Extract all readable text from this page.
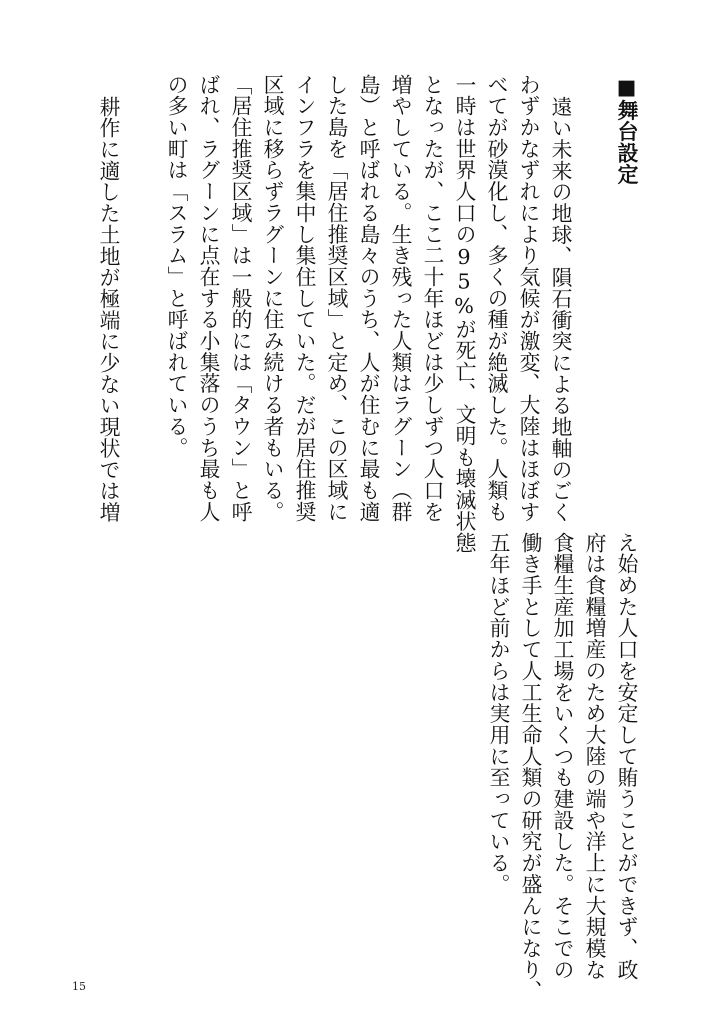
■舞台設定
遠い未来の地球、隕石衝突による地軸のごく
わずかなずれにより気候が激変、大陸はほぼす
べてが砂漠化し、多くの種が絶滅した。人類も
一時は世界人口の95%が死亡、文明も壊滅状態
となったが、ここ二十年ほどは少しずつ人口を
増やしている。生き残った人類はラグーン（群
島）と呼ばれる島々のうち、人が住むに最も適
した島を「居住推奨区域」と定め、この区域に
インフラを集中し集住していた。だが居住推奨
区域に移らずラグーンに住み続ける者もいる。
「居住推奨区域」は一般的には「タウン」と呼
ばれ、ラグーンに点在する小集落のうち最も人
の多い町は「スラム」と呼ばれている。
耕作に適した土地が極端に少ない現状では増
え始めた人口を安定して賄うことができず、政
府は食糧増産のため大陸の端や洋上に大規模な
食糧生産加工場をいくつも建設した。そこでの
働き手として人工生命人類の研究が盛んになり、
五年ほど前からは実用に至っている。
15
